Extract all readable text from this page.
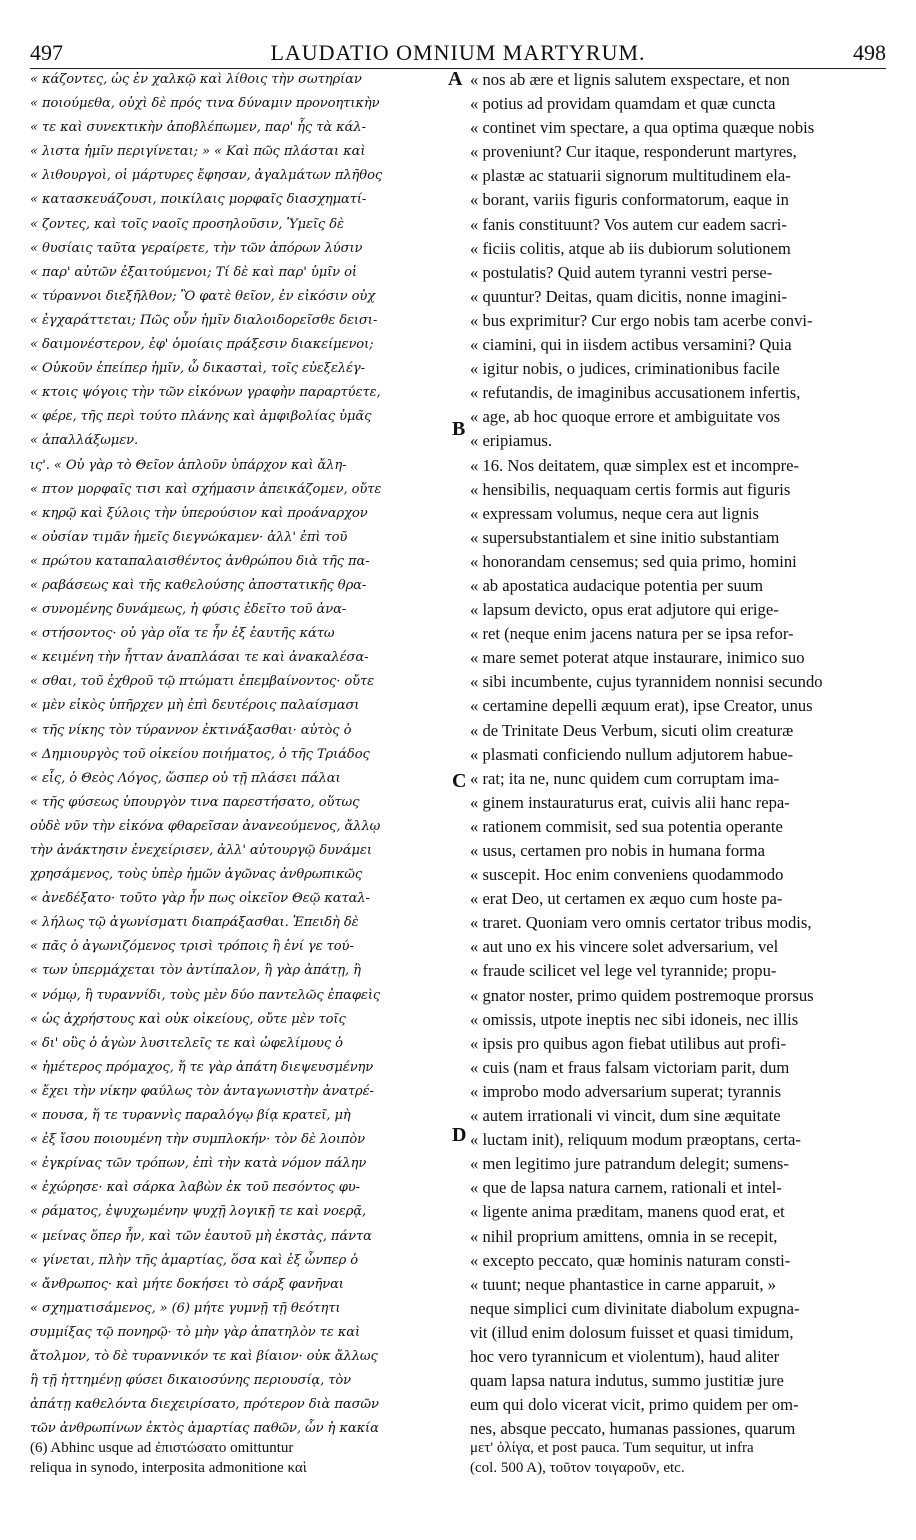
497	LAUDATIO OMNIUM MARTYRUM.	498
« κάζοντες, ὡς ἐν χαλκῷ καὶ λίθοις τὴν σωτηρίαν
« ποιούμεθα, οὐχὶ δὲ πρός τινα δύναμιν προνοητικὴν
« τε καὶ συνεκτικὴν ἀποβλέπωμεν, παρ' ἧς τὰ κάλ-
« λιστα ἡμῖν περιγίνεται; » « Καὶ πῶς πλάσται καὶ
« λιθουργοὶ, οἱ μάρτυρες ἔφησαν, ἀγαλμάτων πλῆθος
« κατασκευάζουσι, ποικίλαις μορφαῖς διασχηματί-
« ζοντες, καὶ τοῖς ναοῖς προσηλοῦσιν, Ὑμεῖς δὲ
« θυσίαις ταῦτα γεραίρετε, τὴν τῶν ἀπόρων λύσιν
« παρ' αὐτῶν ἐξαιτούμενοι; Τί δὲ καὶ παρ' ὑμῖν οἱ
« τύραννοι διεξῆλθον; Ὃ φατὲ θεῖον, ἐν εἰκόσιν οὐχ
« ἐγχαράττεται; Πῶς οὖν ἡμῖν διαλοιδορεῖσθε δεισι-
« δαιμονέστερον, ἐφ' ὁμοίαις πράξεσιν διακείμενοι;
« Οὐκοῦν ἐπείπερ ἡμῖν, ὦ δικασταὶ, τοῖς εὐεξελέγ-
« κτοις ψόγοις τὴν τῶν εἰκόνων γραφὴν παραρτύετε,
« φέρε, τῆς περὶ τούτο πλάνης καὶ ἀμφιβολίας ὑμᾶς
« ἀπαλλάξωμεν.
ις'. « Οὐ γὰρ τὸ Θεῖον ἁπλοῦν ὑπάρχον καὶ ἄλη-
« πτον μορφαῖς τισι καὶ σχήμασιν ἀπεικάζομεν, οὔτε
« κηρῷ καὶ ξύλοις τὴν ὑπερούσιον καὶ προάναρχον
« οὐσίαν τιμᾶν ἡμεῖς διεγνώκαμεν· ἀλλ' ἐπὶ τοῦ
« πρώτου καταπαλαισθέντος ἀνθρώπου διὰ τῆς πα-
« ραβάσεως καὶ τῆς καθελούσης ἀποστατικῆς θρα-
« συνομένης δυνάμεως, ἡ φύσις ἐδεῖτο τοῦ ἀνα-
« στήσοντος· οὐ γὰρ οἵα τε ἦν ἐξ ἑαυτῆς κάτω
« κειμένη τὴν ἧτταν ἀναπλάσαι τε καὶ ἀνακαλέσα-
« σθαι, τοῦ ἐχθροῦ τῷ πτώματι ἐπεμβαίνοντος· οὔτε
« μὲν εἰκὸς ὑπῆρχεν μὴ ἐπὶ δευτέροις παλαίσμασι
« τῆς νίκης τὸν τύραννον ἐκτινάξασθαι· αὐτὸς ὁ
« Δημιουργὸς τοῦ οἰκείου ποιήματος, ὁ τῆς Τριάδος
« εἷς, ὁ Θεὸς Λόγος, ὥσπερ οὐ τῇ πλάσει πάλαι
« τῆς φύσεως ὑπουργὸν τινα παρεστήσατο, οὕτως
οὐδὲ νῦν τὴν εἰκόνα φθαρεῖσαν ἀνανεούμενος, ἄλλῳ
τὴν ἀνάκτησιν ἐνεχείρισεν, ἀλλ' αὐτουργῷ δυνάμει
χρησάμενος, τοὺς ὑπὲρ ἡμῶν ἀγῶνας ἀνθρωπικῶς
« ἀνεδέξατο· τοῦτο γὰρ ἦν πως οἰκεῖον Θεῷ καταλ-
« λήλως τῷ ἀγωνίσματι διαπράξασθαι. Ἐπειδὴ δὲ
« πᾶς ὁ ἀγωνιζόμενος τρισὶ τρόποις ἢ ἑνί γε τού-
« των ὑπερμάχεται τὸν ἀντίπαλον, ἢ γὰρ ἀπάτῃ, ἢ
« νόμῳ, ἢ τυραννίδι, τοὺς μὲν δύο παντελῶς ἐπαφεὶς
« ὡς ἀχρήστους καὶ οὐκ οἰκείους, οὔτε μὲν τοῖς
« δι' οὓς ὁ ἀγὼν λυσιτελεῖς τε καὶ ὠφελίμους ὁ
« ἡμέτερος πρόμαχος, ἥ τε γὰρ ἀπάτη διεψευσμένην
« ἔχει τὴν νίκην φαύλως τὸν ἀνταγωνιστὴν ἀνατρέ-
« πουσα, ἥ τε τυραννὶς παραλόγῳ βίᾳ κρατεῖ, μὴ
« ἐξ ἴσου ποιουμένη τὴν συμπλοκήν· τὸν δὲ λοιπὸν
« ἐγκρίνας τῶν τρόπων, ἐπὶ τὴν κατὰ νόμον πάλην
« ἐχώρησε· καὶ σάρκα λαβὼν ἐκ τοῦ πεσόντος φυ-
« ράματος, ἐψυχωμένην ψυχῇ λογικῇ τε καὶ νοερᾷ,
« μείνας ὅπερ ἦν, καὶ τῶν ἑαυτοῦ μὴ ἐκστὰς, πάντα
« γίνεται, πλὴν τῆς ἁμαρτίας, ὅσα καὶ ἐξ ὧνπερ ὁ
« ἄνθρωπος· καὶ μήτε δοκήσει τὸ σάρξ φανῆναι
« σχηματισάμενος, » (6) μήτε γυμνῇ τῇ θεότητι
συμμίξας τῷ πονηρῷ· τὸ μὴν γὰρ ἀπατηλὸν τε καὶ
ἄτολμον, τὸ δὲ τυραννικόν τε καὶ βίαιον· οὐκ ἄλλως
ἢ τῇ ἡττημένῃ φύσει δικαιοσύνης περιουσίᾳ, τὸν
ἀπάτῃ καθελόντα διεχειρίσατο, πρότερον διὰ πασῶν
τῶν ἀνθρωπίνων ἐκτὸς ἁμαρτίας παθῶν, ὧν ἡ κακία
« nos ab ære et lignis salutem exspectare, et non
« potius ad providam quamdam et quæ cuncta
« continet vim spectare, a qua optima quæque nobis
« proveniunt? Cur itaque, responderunt martyres,
« plastæ ac statuarii signorum multitudinem ela-
« borant, variis figuris conformatorum, eaque in
« fanis constituunt? Vos autem cur eadem sacri-
« ficiis colitis, atque ab iis dubiorum solutionem
« postulatis? Quid autem tyranni vestri perse-
« quuntur? Deitas, quam dicitis, nonne imagini-
« bus exprimitur? Cur ergo nobis tam acerbe convi-
« ciamini, qui in iisdem actibus versamini? Quia
« igitur nobis, o judices, criminationibus facile
« refutandis, de imaginibus accusationem infertis,
« age, ab hoc quoque errore et ambiguitate vos
« eripiamus.
« 16. Nos deitatem, quæ simplex est et incompre-
« hensibilis, nequaquam certis formis aut figuris
« expressam volumus, neque cera aut lignis
« supersubstantialem et sine initio substantiam
« honorandam censemus; sed quia primo, homini
« ab apostatica audacique potentia per suum
« lapsum devicto, opus erat adjutore qui erige-
« ret (neque enim jacens natura per se ipsa refor-
« mare semet poterat atque instaurare, inimico suo
« sibi incumbente, cujus tyrannidem nonnisi secundo
« certamine depelli æquum erat), ipse Creator, unus
« de Trinitate Deus Verbum, sicuti olim creaturæ
« plasmati conficiendo nullum adjutorem habue-
« rat; ita ne, nunc quidem cum corruptam ima-
« ginem instauraturus erat, cuivis alii hanc repa-
« rationem commisit, sed sua potentia operante
« usus, certamen pro nobis in humana forma
« suscepit. Hoc enim conveniens quodammodo
« erat Deo, ut certamen ex æquo cum hoste pa-
« traret. Quoniam vero omnis certator tribus modis,
« aut uno ex his vincere solet adversarium, vel
« fraude scilicet vel lege vel tyrannide; propu-
« gnator noster, primo quidem postremoque prorsus
« omissis, utpote ineptis nec sibi idoneis, nec illis
« ipsis pro quibus agon fiebat utilibus aut profi-
« cuis (nam et fraus falsam victoriam parit, dum
« improbo modo adversarium superat; tyrannis
« autem irrationali vi vincit, dum sine æquitate
« luctam init), reliquum modum præoptans, certa-
« men legitimo jure patrandum delegit; sumens-
« que de lapsa natura carnem, rationali et intel-
« ligente anima præditam, manens quod erat, et
« nihil proprium amittens, omnia in se recepit,
« excepto peccato, quæ hominis naturam consti-
« tuunt; neque phantastice in carne apparuit, »
neque simplici cum divinitate diabolum expugna-
vit (illud enim dolosum fuisset et quasi timidum,
hoc vero tyrannicum et violentum), haud aliter
quam lapsa natura indutus, summo justitiæ jure
eum qui dolo vicerat vicit, primo quidem per om-
nes, absque peccato, humanas passiones, quarum
A
B
C
D
(6) Abhinc usque ad ἐπιστώσατο omittuntur
reliqua in synodo, interposita admonitione καὶ
μετ' ὀλίγα, et post pauca. Tum sequitur, ut infra
(col. 500 A), τοῦτον τοιγαροῦν, etc.
